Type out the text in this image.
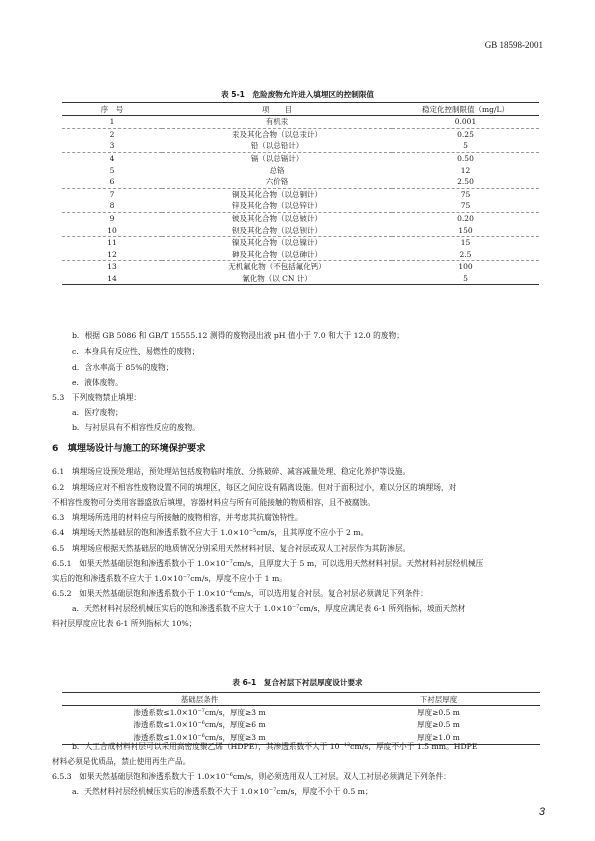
GB 18598-2001
表 5-1　危险废物允许进入填埋区的控制限值
序　号	项　　目	稳定化控制限值（mg/L）
1	有机汞	0.001
2	汞及其化合物（以总汞计）	0.25
3	铅（以总铅计）	5
4	镉（以总镉计）	0.50
5	总铬	12
6	六价铬	2.50
7	铜及其化合物（以总铜计）	75
8	锌及其化合物（以总锌计）	75
9	铍及其化合物（以总铍计）	0.20
10	钡及其化合物（以总钡计）	150
11	镍及其化合物（以总镍计）	15
12	砷及其化合物（以总砷计）	2.5
13	无机氟化物（不包括氟化钙）	100
14	氰化物（以 CN 计）	5
b．根据 GB 5086 和 GB/T 15555.12 测得的废物浸出液 pH 值小于 7.0 和大于 12.0 的废物；
c．本身具有反应性、易燃性的废物；
d．含水率高于 85%的废物；
e．液体废物。
5.3　下列废物禁止填埋：
a．医疗废物；
b．与衬层具有不相容性反应的废物。
6　填埋场设计与施工的环境保护要求
6.1　填埋场应设预处理站，预处理站包括废物临时堆放、分拣破碎、减容减量处理、稳定化养护等设施。
6.2　填埋场应对不相容性废物设置不同的填埋区，每区之间应设有隔离设施。但对于面积过小，难以分区的填埋场，对
不相容性废物可分类用容器盛放后填埋，容器材料应与所有可能接触的物质相容，且不被腐蚀。
6.3　填埋场所选用的材料应与所接触的废物相容，并考虑其抗腐蚀特性。
6.4　填埋场天然基础层的饱和渗透系数不应大于 $1.0\times 10^{-5}cm/s$，且其厚度不应小于 2 m。
6.5　填埋场应根据天然基础层的地质情况分别采用天然材料衬层、复合衬层或双人工衬层作为其防渗层。
6.5.1　如果天然基础层饱和渗透系数小于 $1.0\times 10^{-7}cm/s$，且厚度大于 5 m，可以选用天然材料衬层。天然材料衬层经机械压
实后的饱和渗透系数不应大于 $1.0\times 10^{-7}cm/s$，厚度不应小于 1 m。
6.5.2　如果天然基础层饱和渗透系数小于 $1.0\times 10^{-6}cm/s$，可以选用复合衬层。复合衬层必须满足下列条件：
a．天然材料衬层经机械压实后的饱和渗透系数不应大于 $1.0\times 10^{-7}cm/s$，厚度应满足表 6-1 所列指标，坡面天然材
料衬层厚度应比表 6-1 所列指标大 10%；
表 6-1　复合衬层下衬层厚度设计要求
基础层条件	下衬层厚度
渗透系数$\le 1.0\times 10^{-7}cm/s$，厚度≥3 m	厚度≥0.5 m
渗透系数$\le 1.0\times 10^{-6}cm/s$，厚度≥6 m	厚度≥0.5 m
渗透系数$\le 1.0\times 10^{-6}cm/s$，厚度≥3 m	厚度≥1.0 m
b．人工合成材料衬层可以采用高密度聚乙烯（HDPE），其渗透系数不大于 $10^{-12}cm/s$，厚度不小于 1.5 mm。HDPE
材料必须是优质品，禁止使用再生产品。
6.5.3　如果天然基础层饱和渗透系数大于 $1.0\times 10^{-6}cm/s$，则必须选用双人工衬层。双人工衬层必须满足下列条件：
a．天然材料衬层经机械压实后的渗透系数不大于 $1.0\times 10^{-7}cm/s$，厚度不小于 0.5 m；
3
